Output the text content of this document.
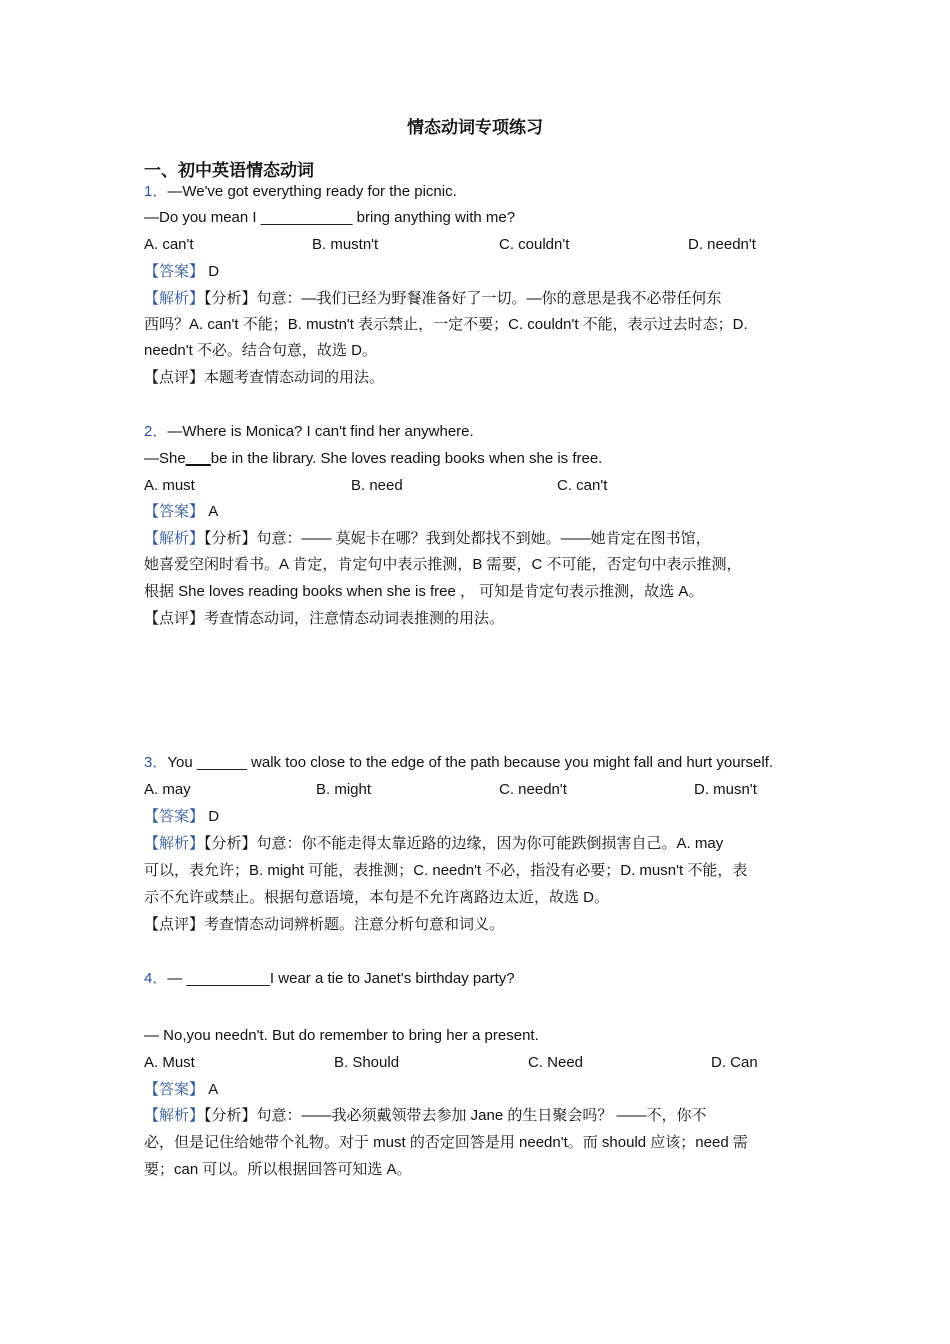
情态动词专项练习
一、初中英语情态动词
1．—We've got everything ready for the picnic.
—Do you mean I ___________ bring anything with me?
A. can't	B. mustn't	C. couldn't	D. needn't
【答案】 D
【解析】【分析】句意：—我们已经为野餐准备好了一切。—你的意思是我不必带任何东
西吗？A. can't 不能；B. mustn't 表示禁止，一定不要；C. couldn't 不能，表示过去时态；D.
needn't 不必。结合句意，故选 D。
【点评】本题考查情态动词的用法。
2．—Where is Monica? I can't find her anywhere.
—She___be in the library. She loves reading books when she is free.
A. must	B. need	C. can't
【答案】 A
【解析】【分析】句意：—— 莫妮卡在哪？我到处都找不到她。——她肯定在图书馆，
她喜爱空闲时看书。A 肯定，肯定句中表示推测，B 需要，C 不可能，否定句中表示推测，
根据 She loves reading books when she is free ， 可知是肯定句表示推测，故选 A。
【点评】考查情态动词，注意情态动词表推测的用法。
3．You ______ walk too close to the edge of the path because you might fall and hurt yourself.
A. may	B. might	C. needn't	D. musn't
【答案】 D
【解析】【分析】句意：你不能走得太靠近路的边缘，因为你可能跌倒损害自己。A. may
可以，表允许；B. might 可能，表推测；C. needn't 不必，指没有必要；D. musn't 不能，表
示不允许或禁止。根据句意语境，本句是不允许离路边太近，故选 D。
【点评】考查情态动词辨析题。注意分析句意和词义。
4．— __________I wear a tie to Janet's birthday party?
— No,you needn't. But do remember to bring her a present.
A. Must	B. Should	C. Need	D. Can
【答案】 A
【解析】【分析】句意：——我必须戴领带去参加 Jane 的生日聚会吗？ ——不，你不
必，但是记住给她带个礼物。对于 must 的否定回答是用 needn't。而 should 应该；need 需
要；can 可以。所以根据回答可知选 A。
